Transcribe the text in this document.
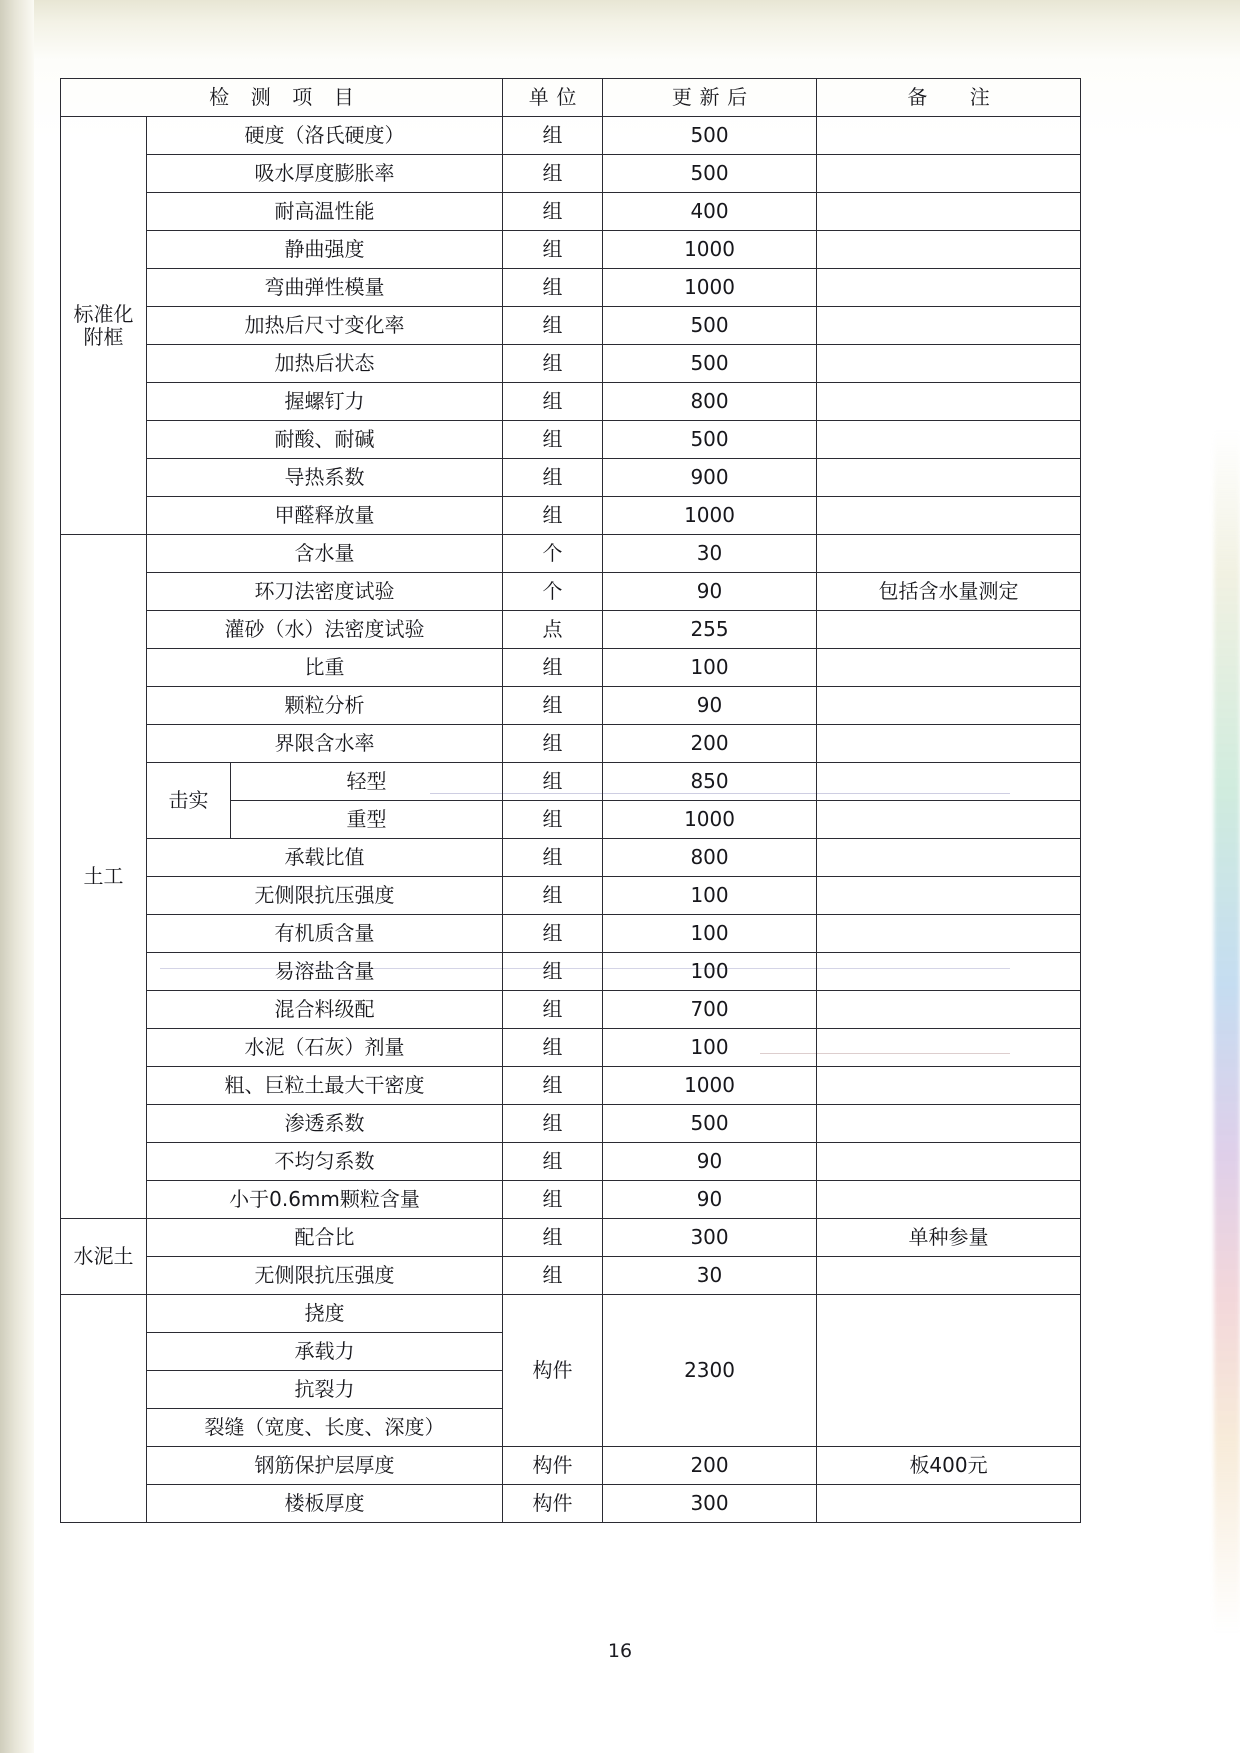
检 测 项 目			单位	更新后	备 注
标准化附框	硬度（洛氏硬度）		组	500	
	吸水厚度膨胀率		组	500	
	耐高温性能		组	400	
	静曲强度		组	1000	
	弯曲弹性模量		组	1000	
	加热后尺寸变化率		组	500	
	加热后状态		组	500	
	握螺钉力		组	800	
	耐酸、耐碱		组	500	
	导热系数		组	900	
	甲醛释放量		组	1000	
土工	含水量		个	30	
	环刀法密度试验		个	90	包括含水量测定
	灌砂（水）法密度试验		点	255	
	比重		组	100	
	颗粒分析		组	90	
	界限含水率		组	200	
	击实	轻型	组	850	
		重型	组	1000	
	承载比值		组	800	
	无侧限抗压强度		组	100	
	有机质含量		组	100	
	易溶盐含量		组	100	
	混合料级配		组	700	
	水泥（石灰）剂量		组	100	
	粗、巨粒土最大干密度		组	1000	
	渗透系数		组	500	
	不均匀系数		组	90	
	小于0.6mm颗粒含量		组	90	
水泥土	配合比		组	300	单种参量
	无侧限抗压强度		组	30	
	挠度		构件	2300	
	承载力				
	抗裂力				
	裂缝（宽度、长度、深度）				
	钢筋保护层厚度		构件	200	板400元
	楼板厚度		构件	300	
16
